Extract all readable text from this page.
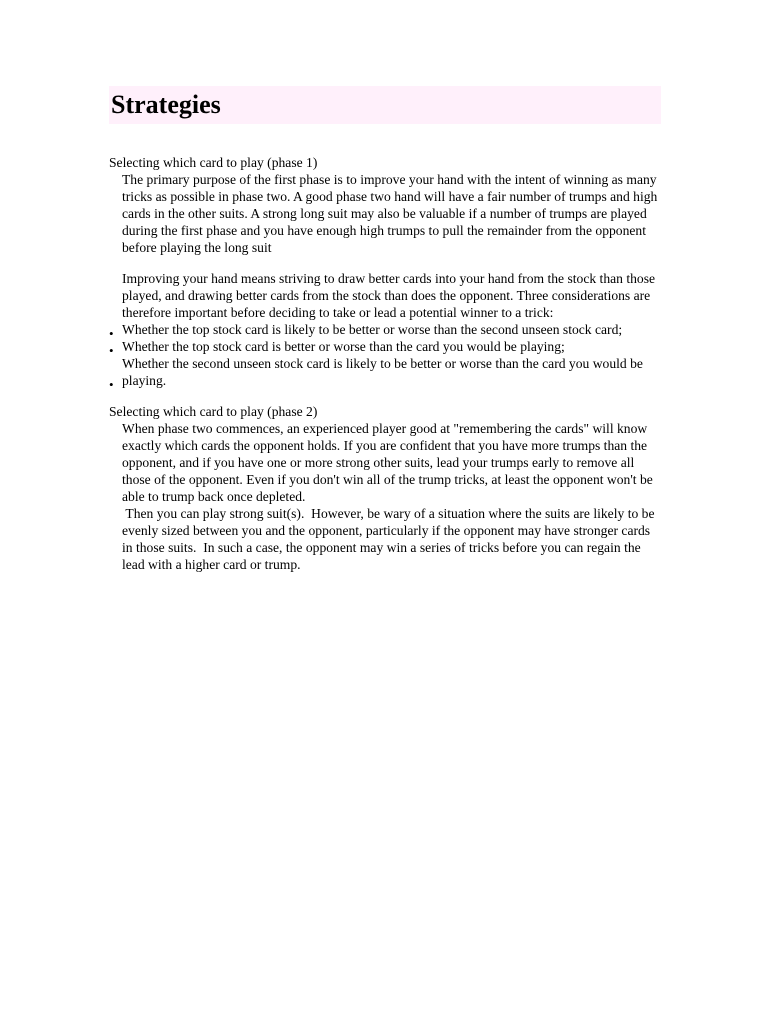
Strategies

Selecting which card to play (phase 1)

The primary purpose of the first phase is to improve your hand with the intent of winning as many tricks as possible in phase two. A good phase two hand will have a fair number of trumps and high cards in the other suits. A strong long suit may also be valuable if a number of trumps are played during the first phase and you have enough high trumps to pull the remainder from the opponent before playing the long suit

Improving your hand means striving to draw better cards into your hand from the stock than those played, and drawing better cards from the stock than does the opponent. Three considerations are therefore important before deciding to take or lead a potential winner to a trick:

• Whether the top stock card is likely to be better or worse than the second unseen stock card;

• Whether the top stock card is better or worse than the card you would be playing;

•

Whether the second unseen stock card is likely to be better or worse than the card you would be playing.

Selecting which card to play (phase 2)

When phase two commences, an experienced player good at "remembering the cards" will know exactly which cards the opponent holds. If you are confident that you have more trumps than the opponent, and if you have one or more strong other suits, lead your trumps early to remove all those of the opponent. Even if you don't win all of the trump tricks, at least the opponent won't be able to trump back once depleted.

Then you can play strong suit(s).  However, be wary of a situation where the suits are likely to be evenly sized between you and the opponent, particularly if the opponent may have stronger cards in those suits.  In such a case, the opponent may win a series of tricks before you can regain the lead with a higher card or trump.
